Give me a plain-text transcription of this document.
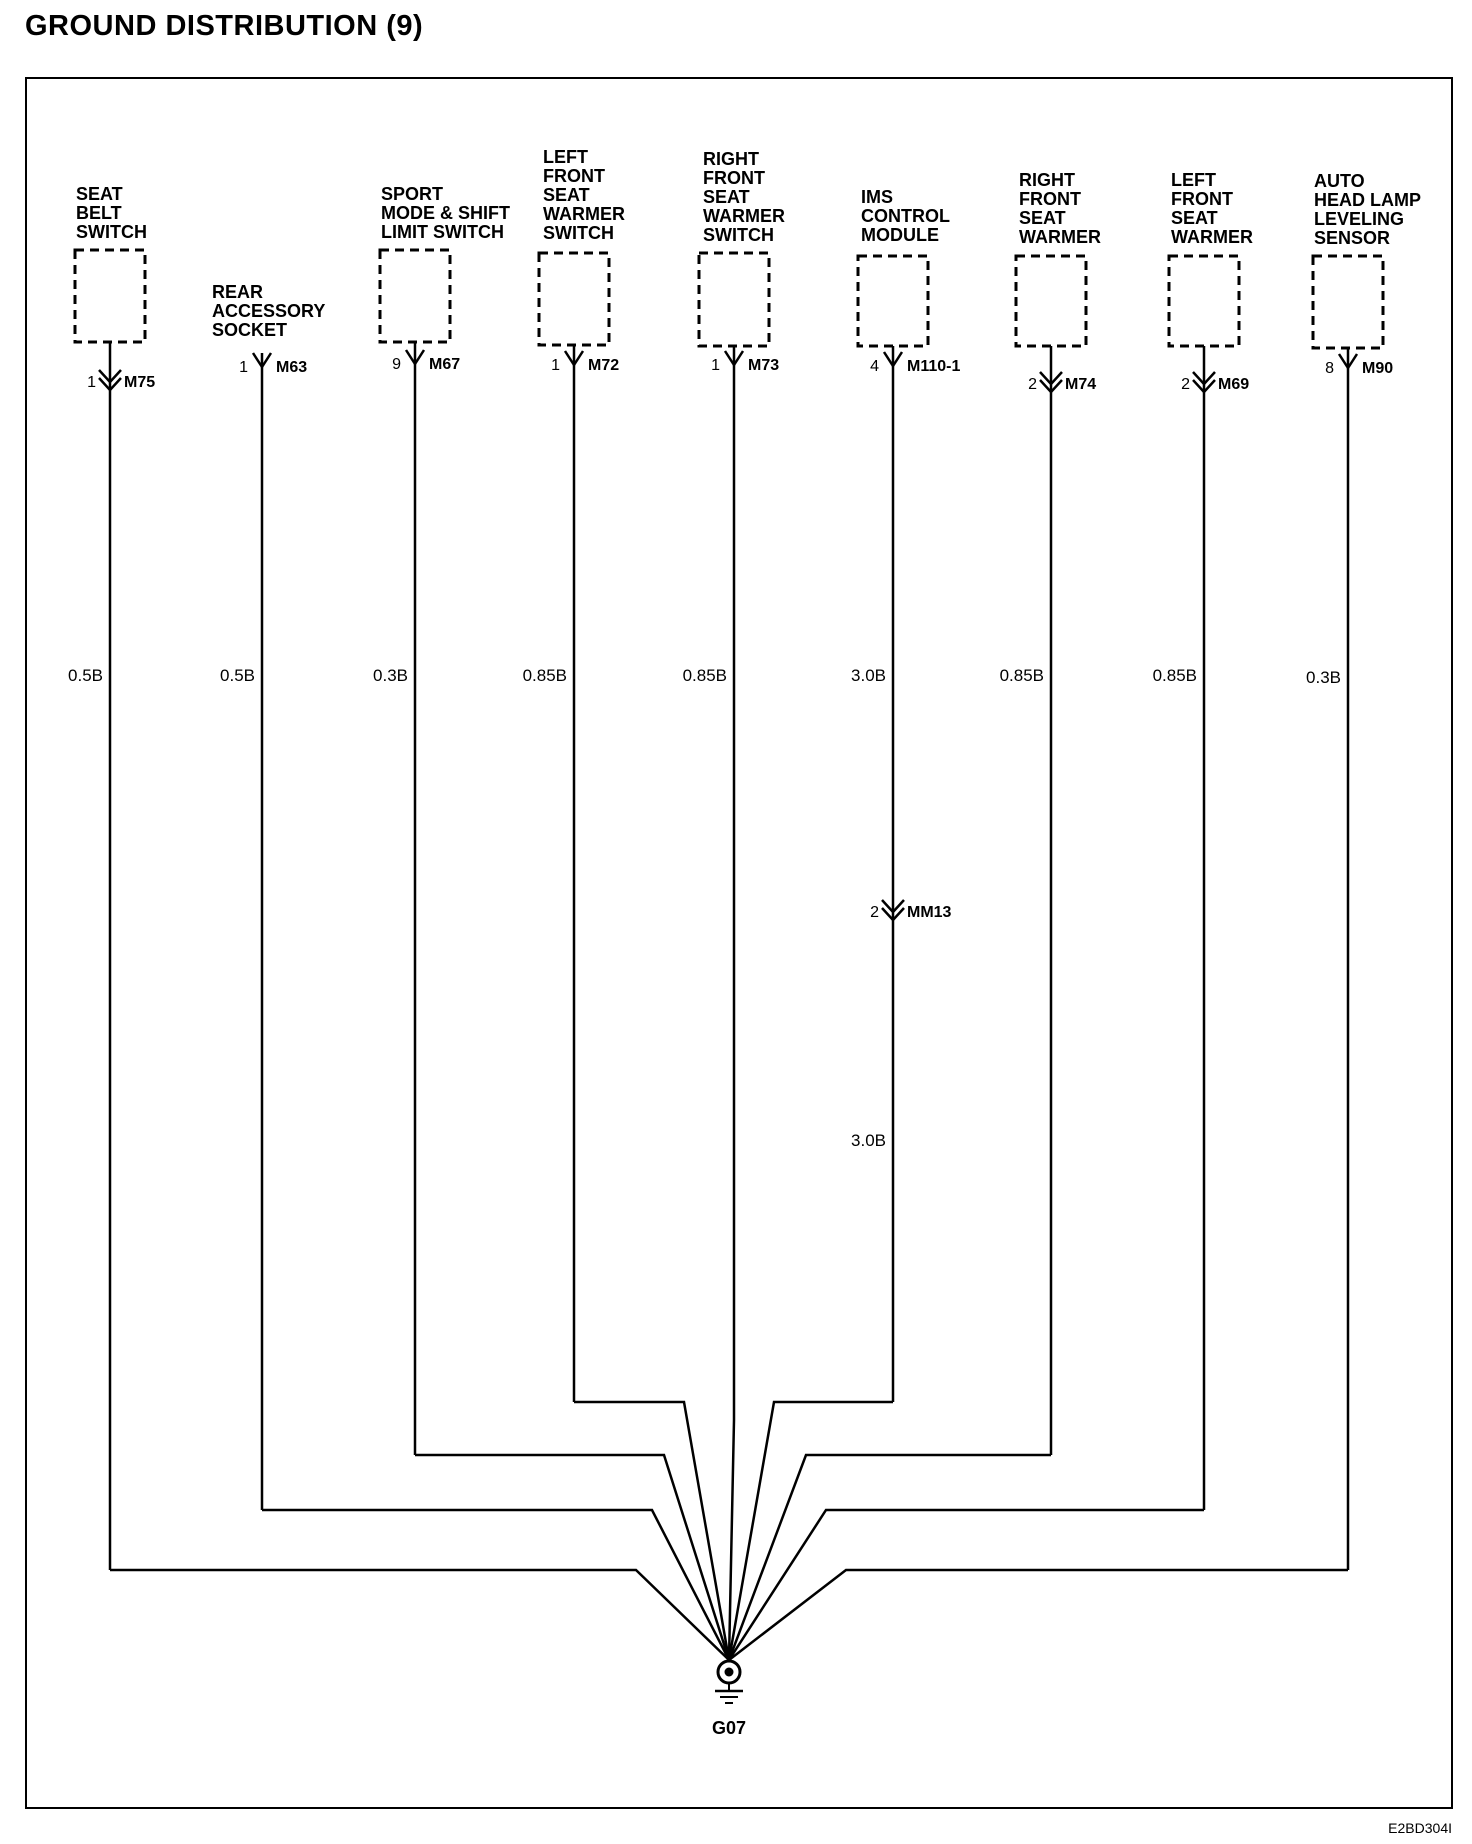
GROUND DISTRIBUTION (9)
SEAT
BELT
SWITCH
1 M75
0.5B
REAR
ACCESSORY
SOCKET
1 M63
0.5B
SPORT
MODE & SHIFT
LIMIT SWITCH
9 M67
0.3B
LEFT
FRONT
SEAT
WARMER
SWITCH
1 M72
0.85B
RIGHT
FRONT
SEAT
WARMER
SWITCH
1 M73
0.85B
IMS
CONTROL
MODULE
4 M110-1
3.0B
2 MM13
3.0B
RIGHT
FRONT
SEAT
WARMER
2 M74
0.85B
LEFT
FRONT
SEAT
WARMER
2 M69
0.85B
AUTO
HEAD LAMP
LEVELING
SENSOR
8 M90
0.3B
G07
E2BD304I
